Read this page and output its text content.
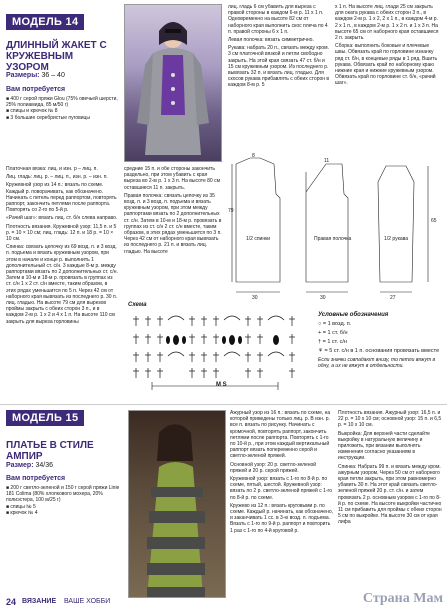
МОДЕЛЬ 14
ДЛИННЫЙ ЖАКЕТ С КРУЖЕВНЫМ УЗОРОМ
Размеры: 36 – 40
Вам потребуется
■ 400 г серой пряжи Glou (75% овечьей шерсти, 25% полиамида, 85 м/50 г)
■ спицы и крючок № 8
■ 3 большие серебристые пуговицы

Платочная вязка: лиц. и изн. р – лиц. п.

Лиц. гладь: лиц. р. – лиц. п., изн. р. – изн. п.

Кружевной узор из 14 п.: вязать по схеме. Каждый р. поворачивать, как обозначено. Начинать с петель перед раппортом, повторять раппорт, закончить петлями после раппорта. Повторять со 2-го по 5-й р.

«Рачий шаг»: вязать лиц. ст. б/н слева направо.

Плотность вязания. Кружевной узор: 11,5 п. и 5 р. = 10 × 10 см; лиц. гладь: 12 п. и 18 р. = 10 × 10 см.

Спинка: связать цепочку из 69 возд. п. и 3 возд. п. подъема и вязать кружевным узором, при этом в начале и конце р. выполнить 1 дополнительный ст. с/н. 3 каждые 8-м р. между раппортами вязать по 2 дополнительных ст. с/н. Затем в 10-м и 18-м р. провязать в группах из ст. с/н 1 х 2 ст. с/н вместе, таким образом, в этих рядах уменьшится по 5 п. Через 42 см от наборного края вывязать из последнего р. 30 п. лиц. гладью. На высоте 79 см для вырезов проймы закрыть с обеих сторон 3 п., и в каждом 2-м р. 1 х 2 и 4 х 1 п. На высоте 110 см закрыть для выреза горловины

лиц. гладь 6 см убавить для выреза с правой стороны в каждом 6-м р. 11 х 1 п. Одновременно на высоте 82 см от наборного края выполнить скос плеча по 4 п. правой стороны 6 х 1 п.

Левая полочка: вязать симметрично.

Рукава: набрать 20 п., связать между кром. 3 см платочной вязкой и петли свободно закрыть. На этой края связать 47 ст. б/н и 15 см кружевным узором. Из последнего р. вывязать 32 п. и вязать лиц. гладью. Для скосов рукава прибавлять с обеих сторон в каждом 8-м р. 5

х 1 п. На высоте лиц. глади 25 см закрыть для оката рукава с обеих сторон 3 п., в каждом 2-м р. 1 х 2, 2 х 1 п., в каждом 4-м р. 2 х 1 п., в каждом 2-м р. 1 х 2 п. и 1 х 3 п. На высоте 65 см от наборного края оставшиеся 2 п. закрыть.

Сборка: выполнить боковые и плечевые швы. Обвязать край по горловине изнанку ряд ст. б/н, в концевые ряды в 1 ряд. Вшить рукава. Обвязать край по наборному краю нижние края и нижние кружевным узором. Обвязать край по горловине ст. б/н, «рачий шаг».

средние 15 п. и обе стороны закончить раздельно, при этом убавить с края выреза во 2-м р. 1 х 3 п. На высоте 80 см оставшиеся 11 п. закрыть.

Правая полочка: связать цепочку из 35 возд. п. и 3 возд. п. подъема и вязать кружевным узором, при этом между раппортами вязать по 2 дополнительных ст. с/н. Затем в 10-м и 18-м р. провязать в группах из ст. с/н 2 ст. с/н вместе, таким образом, в этих рядах уменьшится по 3 п. Через 42 см от наборного края вывязать из последнего р. 21 п. и вязать лиц. гладью. На высоте

1/2 спинки	Правая полочка	1/2 рукава
30	30	27
79
65
8
11
Схема
M S
Условные обозначения
○ = 1 возд. п.
+ = 1 ст. б/н
† = 1 ст. с/н
⚘ = 5 ст. с/н в 1 п. основания провязать вместе
Если значки совпадают внизу, то петли вяжут в одну, а их не вяжут в отдельности.
МОДЕЛЬ 15
ПЛАТЬЕ В СТИЛЕ АМПИР
Размер: 34/36
Вам потребуется
■ 200 г светло-зеленой и 150 г серой пряжи Linie 181 Colima (80% хлопкового мохера, 20% полиэстера, 100 м/25 г)
■ спицы № 5
■ крючок № 4

Ажурный узор из 16 п.: вязать по схеме, на которой приведены только лиц. р. В изн. р. все п. вязать по рисунку. Начинать с кромочной, повторять раппорт, закончить петлями после раппорта. Повторять с 1-го по 10-й р., при этом каждый вертикальный раппорт вязать попеременно серой и светло-зеленой пряжей.

Основной узор: 20 р. светло-зеленой пряжей и 20 р. серой пряжей.

Кружевной узор: вязать с 1-го по 8-й р. по схеме, пятый, шестой. Кружевной узор: вязать по 2 р. светло-зеленой пряжей с 1-го по 8-й р. по схеме.

Кружево из 12 п.: вязать круговыми р. по схеме. Каждый р. начинать, как обозначено, и заканчивать 1 сс. в 3-ю возд. п. подъема. Вязать с 1-го по 9-й р. раппорт и повторить 1 раз с 1-го по 4-й круговой р.

Плотность вязания. Ажурный узор: 16,5 п. и 22 р. = 10 х 10 см; основной узор: 15 п. и 6,5 р. = 10 х 10 см.

Выкройка: Для верхней части сделайте выкройку в натуральную величину и приложить, при вязании выполнять изменения согласно указаниям в инструкции.

Спинка: Набрать 99 п. и вязать между кром. ажурным узором. Через 50 см от наборного края петли закрыть, при этом равномерно убавить 30 п. На этот край связать светло-зеленой пряжей 20 р. ст. с/н. и затем провязать 2 р. основным узором с 1-го по 8-й р. по схеме. На высоте выкройки частично 11 см прибавить для проймы с обеих сторон 5 см по выкройке. На высоте 30 см от края лифа

24 ВЯЗАНИЕ ВАШЕ ХОББИ	Страна Мам
